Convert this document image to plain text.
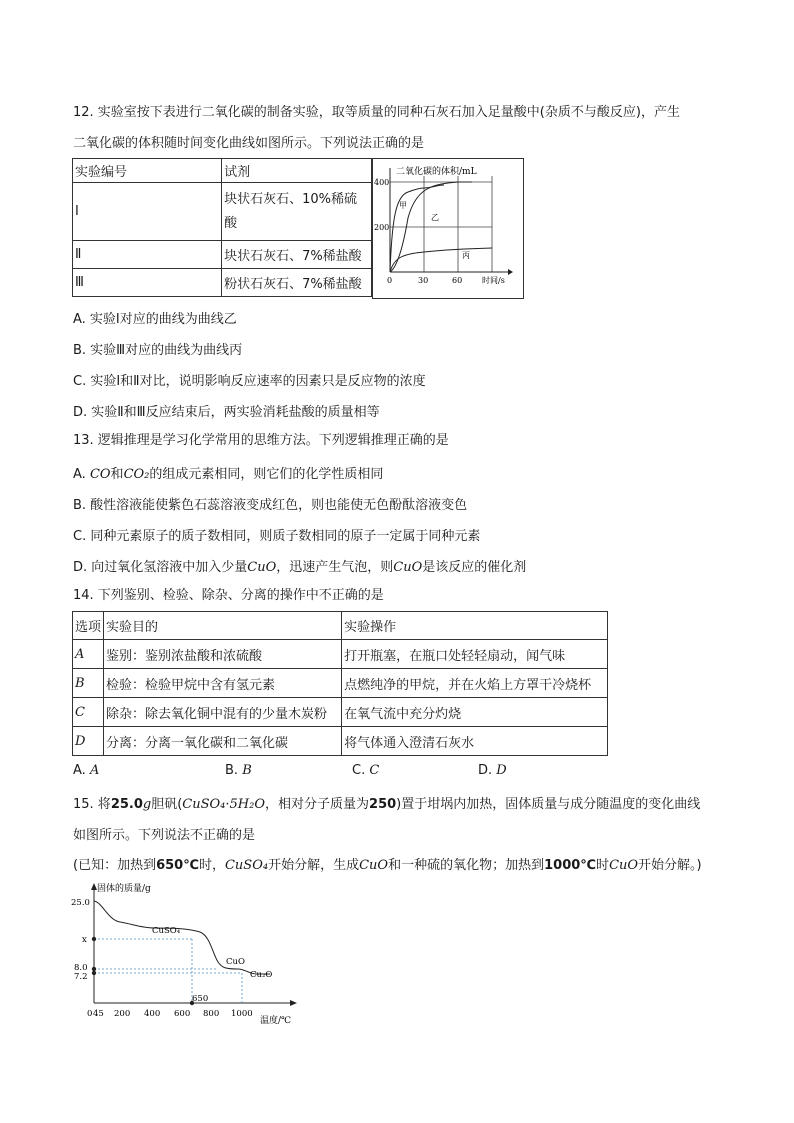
12. 实验室按下表进行二氧化碳的制备实验，取等质量的同种石灰石加入足量酸中(杂质不与酸反应)，产生
二氧化碳的体积随时间变化曲线如图所示。下列说法正确的是
实验编号	试剂
Ⅰ	块状石灰石、10%稀硫
酸

Ⅱ	块状石灰石、7%稀盐酸
Ⅲ	粉状石灰石、7%稀盐酸
二氧化碳的体积/mL
400
200
0	30	60 时间/s
甲
乙
丙
A. 实验Ⅰ对应的曲线为曲线乙
B. 实验Ⅲ对应的曲线为曲线丙
C. 实验Ⅰ和Ⅱ对比，说明影响反应速率的因素只是反应物的浓度
D. 实验Ⅱ和Ⅲ反应结束后，两实验消耗盐酸的质量相等
13. 逻辑推理是学习化学常用的思维方法。下列逻辑推理正确的是
A. CO和CO₂的组成元素相同，则它们的化学性质相同
B. 酸性溶液能使紫色石蕊溶液变成红色，则也能使无色酚酞溶液变色
C. 同种元素原子的质子数相同，则质子数相同的原子一定属于同种元素
D. 向过氧化氢溶液中加入少量CuO，迅速产生气泡，则CuO是该反应的催化剂
14. 下列鉴别、检验、除杂、分离的操作中不正确的是
选项	实验目的	实验操作
A	鉴别：鉴别浓盐酸和浓硫酸	打开瓶塞，在瓶口处轻轻扇动，闻气味
B	检验：检验甲烷中含有氢元素	点燃纯净的甲烷，并在火焰上方罩干冷烧杯
C	除杂：除去氧化铜中混有的少量木炭粉	在氧气流中充分灼烧
D	分离：分离一氧化碳和二氧化碳	将气体通入澄清石灰水
A. A	B. B	C. C	D. D
15. 将25.0g胆矾(CuSO₄·5H₂O，相对分子质量为250)置于坩埚内加热，固体质量与成分随温度的变化曲线
如图所示。下列说法不正确的是
(已知：加热到650℃时，CuSO₄开始分解，生成CuO和一种硫的氧化物；加热到1000℃时CuO开始分解。)
固体的质量/g
25.0
x
8.0
7.2
0 45 200 400 600 800 1000
650
温度/℃
CuSO₄
CuO
Cu₂O
